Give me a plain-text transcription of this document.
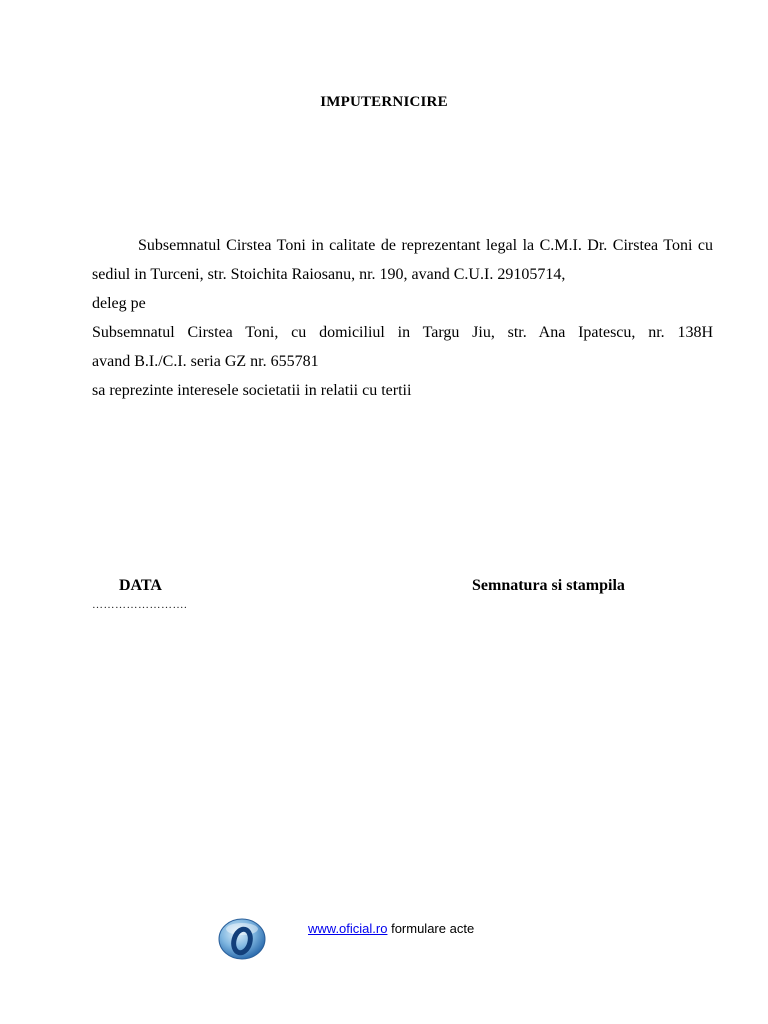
IMPUTERNICIRE

Subsemnatul Cirstea Toni in calitate de reprezentant legal la C.M.I. Dr. Cirstea Toni cu sediul in Turceni, str. Stoichita Raiosanu, nr. 190, avand C.U.I. 29105714,

deleg pe

Subsemnatul Cirstea Toni, cu domiciliul in Targu Jiu, str. Ana Ipatescu, nr. 138H

avand B.I./C.I. seria GZ nr. 655781

sa reprezinte interesele societatii in relatii cu tertii

DATA	Semnatura si stampila
…………………….
www.oficial.ro formulare acte
